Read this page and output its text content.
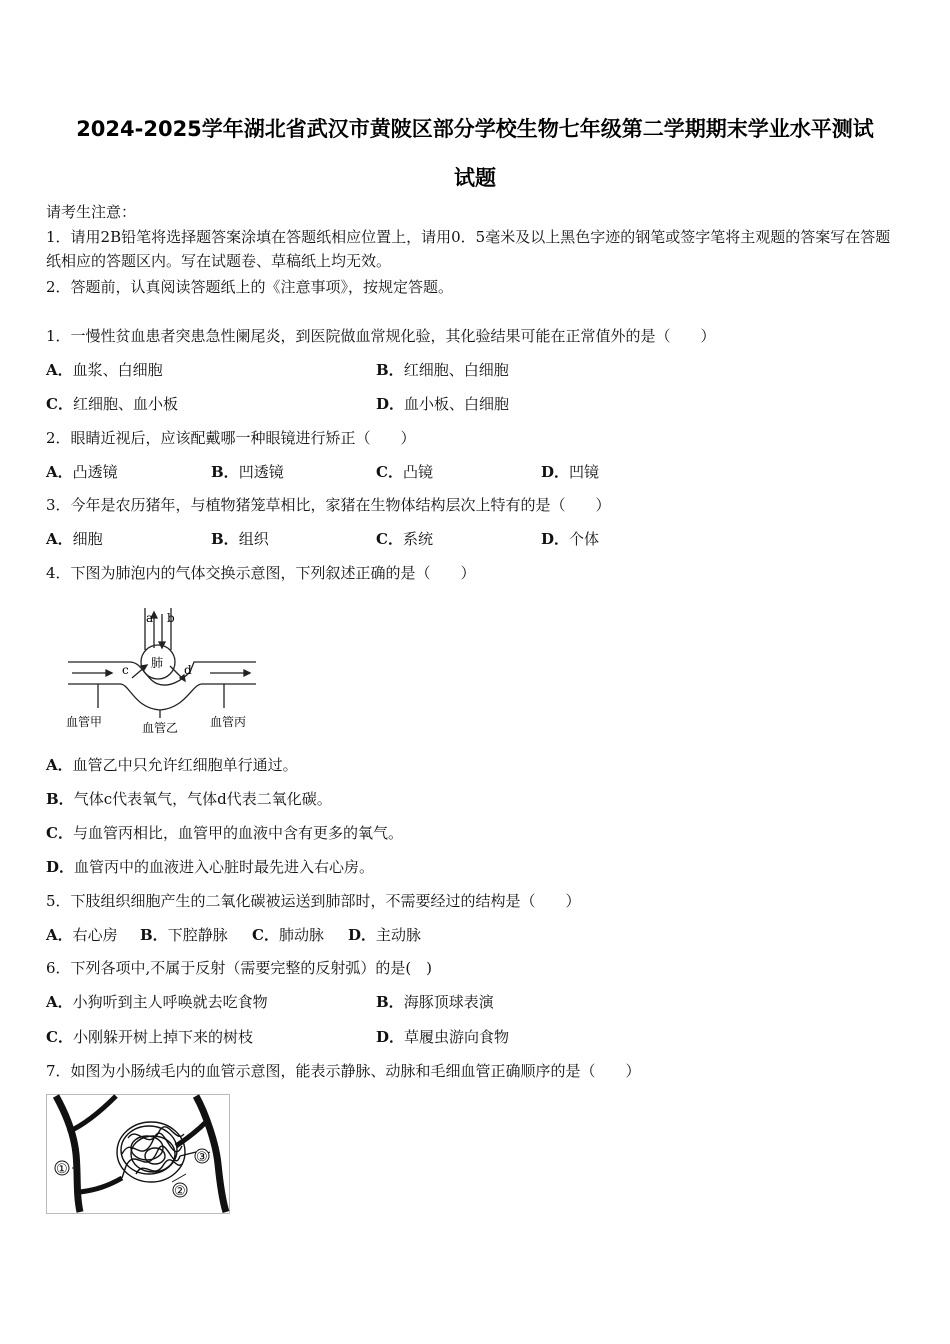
2024-2025学年湖北省武汉市黄陂区部分学校生物七年级第二学期期末学业水平测试
试题
请考生注意：
1．请用2B铅笔将选择题答案涂填在答题纸相应位置上，请用0．5毫米及以上黑色字迹的钢笔或签字笔将主观题的答案写在答题纸相应的答题区内。写在试题卷、草稿纸上均无效。
2．答题前，认真阅读答题纸上的《注意事项》，按规定答题。
1．一慢性贫血患者突患急性阑尾炎，到医院做血常规化验，其化验结果可能在正常值外的是（　　）
A．血浆、白细胞	B．红细胞、白细胞
C．红细胞、血小板	D．血小板、白细胞
2．眼睛近视后，应该配戴哪一种眼镜进行矫正（　　）
A．凸透镜	B．凹透镜	C．凸镜	D．凹镜
3．今年是农历猪年，与植物猪笼草相比，家猪在生物体结构层次上特有的是（　　）
A．细胞	B．组织	C．系统	D．个体
4．下图为肺泡内的气体交换示意图，下列叙述正确的是（　　）
a b
c	d
肺
血管甲	血管乙	血管丙
A．血管乙中只允许红细胞单行通过。
B．气体c代表氧气，气体d代表二氧化碳。
C．与血管丙相比，血管甲的血液中含有更多的氧气。
D．血管丙中的血液进入心脏时最先进入右心房。
5．下肢组织细胞产生的二氧化碳被运送到肺部时，不需要经过的结构是（　　）
A．右心房 B．下腔静脉 C．肺动脉 D．主动脉
6．下列各项中,不属于反射（需要完整的反射弧）的是(　)
A．小狗听到主人呼唤就去吃食物	B．海豚顶球表演
C．小刚躲开树上掉下来的树枝	D．草履虫游向食物
7．如图为小肠绒毛内的血管示意图，能表示静脉、动脉和毛细血管正确顺序的是（　　）
①
②
③
